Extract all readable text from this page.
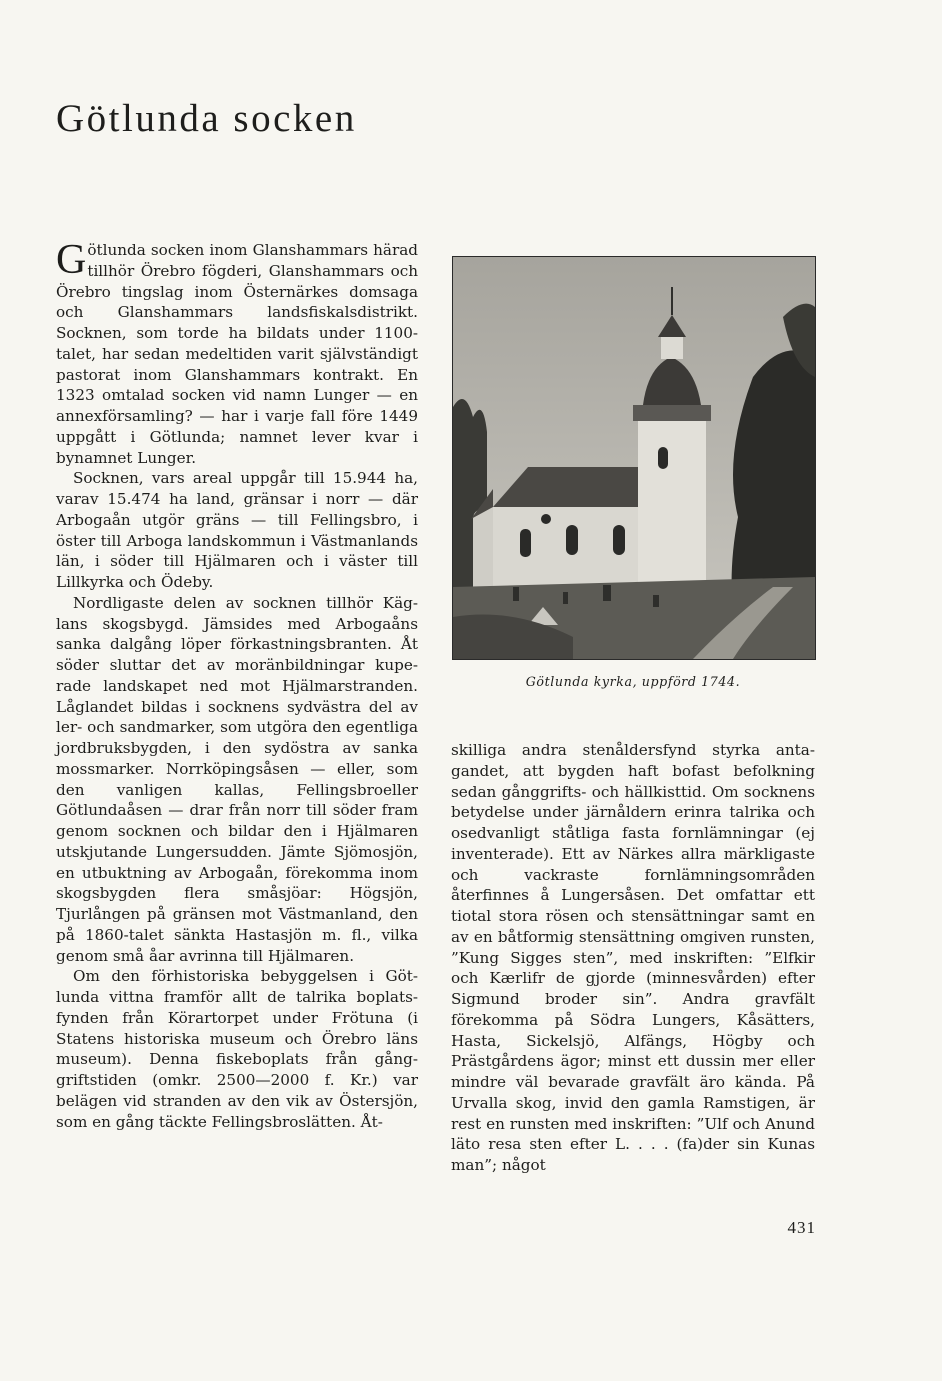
Götlunda socken

Götlunda socken inom Glanshammars härad tillhör Örebro fögderi, Glanshammars och Örebro tingslag inom Östernärkes domsaga och Glanshammars landsfiskalsdistrikt. Socknen, som torde ha bildats under 1100-talet, har sedan medeltiden varit självständigt pastorat inom Glanshammars kontrakt. En 1323 omtalad socken vid namn Lunger — en annexförsamling? — har i varje fall före 1449 uppgått i Götlunda; namnet lever kvar i bynamnet Lunger.

Socknen, vars areal uppgår till 15.944 ha, varav 15.474 ha land, gränsar i norr — där Arbogaån utgör gräns — till Fellingsbro, i öster till Arboga landskommun i Västmanlands län, i söder till Hjälmaren och i väster till Lillkyrka och Ödeby.

Nordligaste delen av socknen tillhör Käglans skogsbygd. Jämsides med Arbogaåns sanka dalgång löper förkastningsbranten. Åt söder sluttar det av moränbildningar kuperade landskapet ned mot Hjälmarstranden. Låglandet bildas i socknens sydvästra del av ler- och sandmarker, som utgöra den egentliga jordbruksbygden, i den sydöstra av sanka mossmarker. Norrköpingsåsen — eller, som den vanligen kallas, Fellingsbroeller Götlundaåsen — drar från norr till söder fram genom socknen och bildar den i Hjälmaren utskjutande Lungersudden. Jämte Sjömosjön, en utbuktning av Arbogaån, förekomma inom skogsbygden flera småsjöar: Högsjön, Tjurlången på gränsen mot Västmanland, den på 1860-talet sänkta Hastasjön m. fl., vilka genom små åar avrinna till Hjälmaren.

Om den förhistoriska bebyggelsen i Götlunda vittna framför allt de talrika boplatsfynden från Körartorpet under Frötuna (i Statens historiska museum och Örebro läns museum). Denna fiskeboplats från gånggriftstiden (omkr. 2500—2000 f. Kr.) var belägen vid stranden av den vik av Östersjön, som en gång täckte Fellingsbroslätten. Åt-

Götlunda kyrka, uppförd 1744.

skilliga andra stenåldersfynd styrka antagandet, att bygden haft bofast befolkning sedan gånggrifts- och hällkisttid. Om socknens betydelse under järnåldern erinra talrika och osedvanligt ståtliga fasta fornlämningar (ej inventerade). Ett av Närkes allra märkligaste och vackraste fornlämningsområden återfinnes å Lungersåsen. Det omfattar ett tiotal stora rösen och stensättningar samt en av en båtformig stensättning omgiven runsten, ”Kung Sigges sten”, med inskriften: ”Elfkir och Kærlifr de gjorde (minnesvården) efter Sigmund broder sin”. Andra gravfält förekomma på Södra Lungers, Kåsätters, Hasta, Sickelsjö, Alfängs, Högby och Prästgårdens ägor; minst ett dussin mer eller mindre väl bevarade gravfält äro kända. På Urvalla skog, invid den gamla Ramstigen, är rest en runsten med inskriften: ”Ulf och Anund läto resa sten efter L. . . . (fa)der sin Kunas man”; något

431
